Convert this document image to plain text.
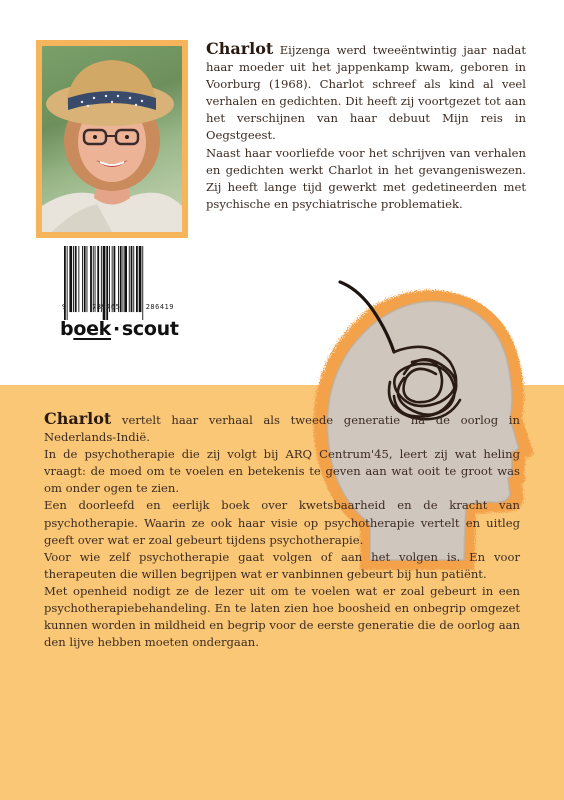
Charlot Eijzenga werd tweeëntwintig jaar nadat haar moeder uit het jappenkamp kwam, geboren in Voorburg (1968). Charlot schreef als kind al veel verhalen en gedichten. Dit heeft zij voortgezet tot aan het verschijnen van haar debuut Mijn reis in Oegstgeest.

Naast haar voorliefde voor het schrijven van verhalen en gedichten werkt Charlot in het gevangeniswezen. Zij heeft lange tijd gewerkt met gedetineerden met psychische en psychiatrische problematiek.

9	789465	286419
boek · scout

Charlot vertelt haar verhaal als tweede generatie na de oorlog in Nederlands-Indië.

In de psychotherapie die zij volgt bij ARQ Centrum'45, leert zij wat heling vraagt: de moed om te voelen en betekenis te geven aan wat ooit te groot was om onder ogen te zien.

Een doorleefd en eerlijk boek over kwetsbaarheid en de kracht van psychotherapie. Waarin ze ook haar visie op psychotherapie vertelt en uitleg geeft over wat er zoal gebeurt tijdens psychotherapie.

Voor wie zelf psychotherapie gaat volgen of aan het volgen is. En voor therapeuten die willen begrijpen wat er vanbinnen gebeurt bij hun patiënt.

Met openheid nodigt ze de lezer uit om te voelen wat er zoal gebeurt in een psychotherapiebehandeling. En te laten zien hoe boosheid en onbegrip omgezet kunnen worden in mildheid en begrip voor de eerste generatie die de oorlog aan den lijve hebben moeten ondergaan.
